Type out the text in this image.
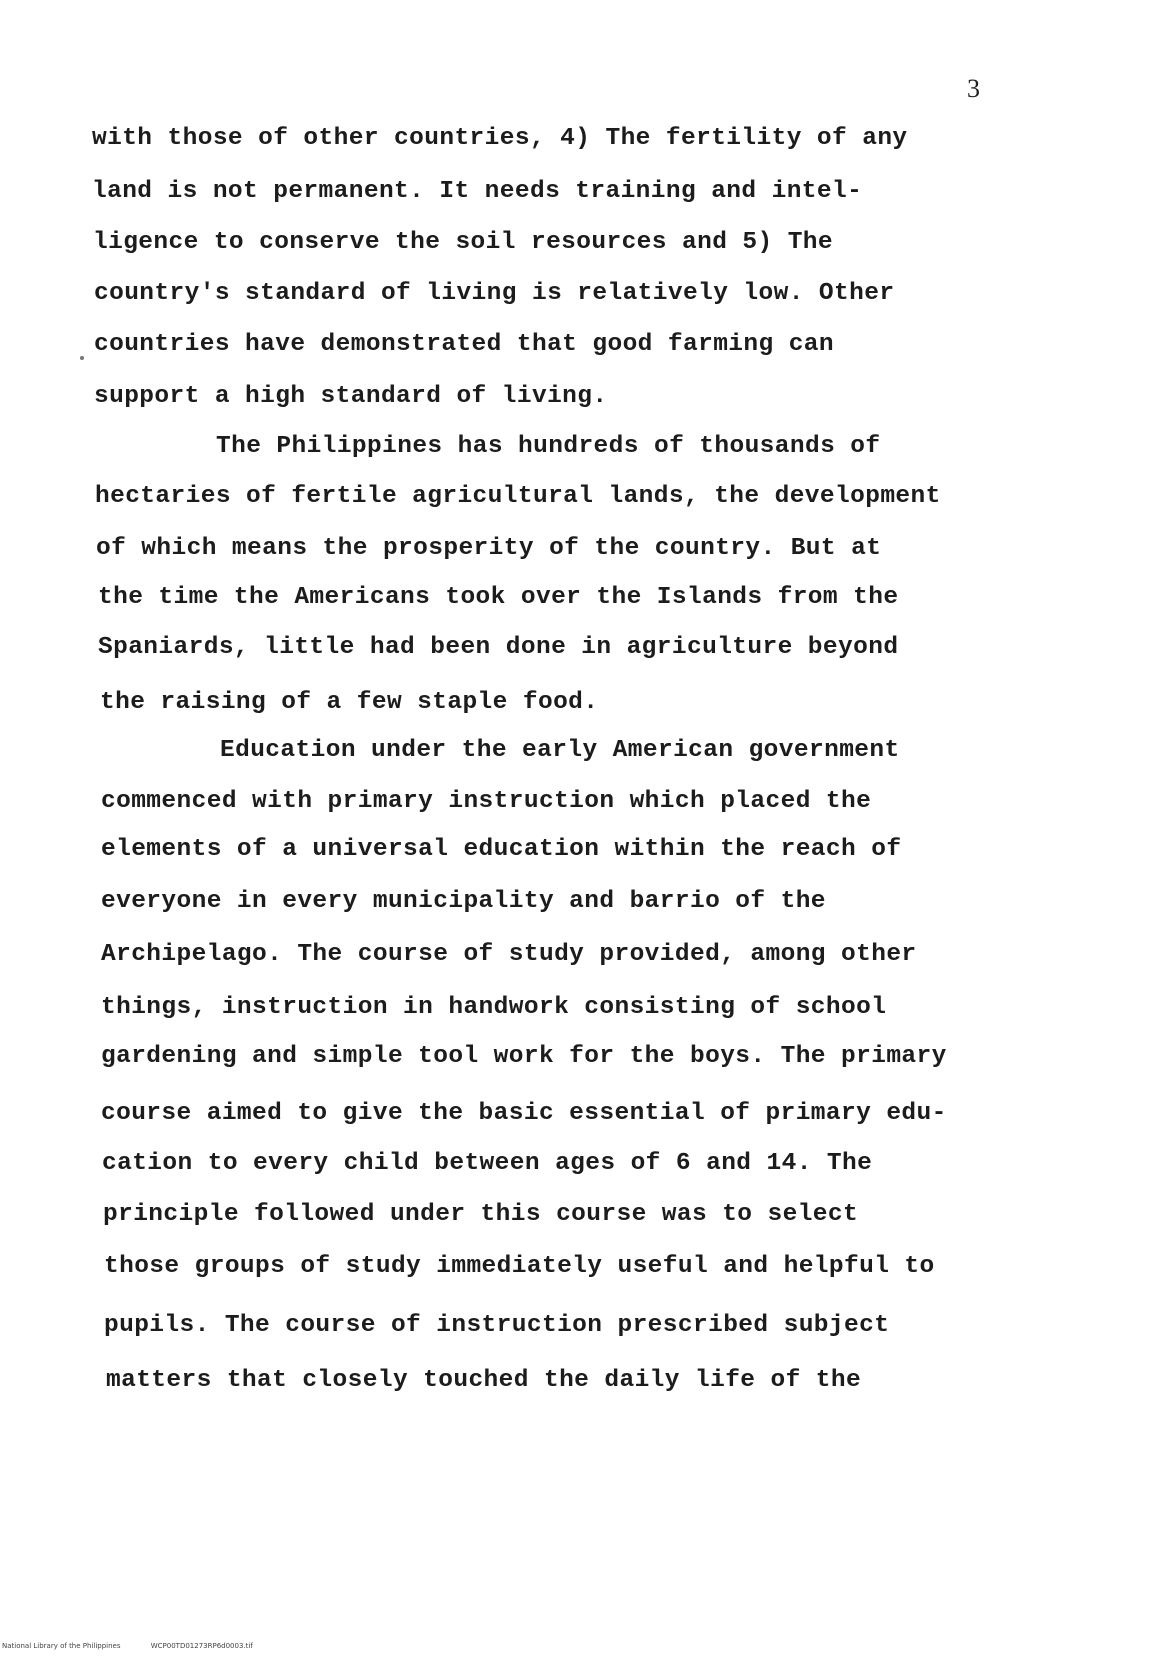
3
with those of other countries, 4) The fertility of any
land is not permanent. It needs training and intel-
ligence to conserve the soil resources and 5) The
country's standard of living is relatively low. Other
countries have demonstrated that good farming can
support a high standard of living.
The Philippines has hundreds of thousands of
hectaries of fertile agricultural lands, the development
of which means the prosperity of the country. But at
the time the Americans took over the Islands from the
Spaniards, little had been done in agriculture beyond
the raising of a few staple food.
Education under the early American government
commenced with primary instruction which placed the
elements of a universal education within the reach of
everyone in every municipality and barrio of the
Archipelago. The course of study provided, among other
things, instruction in handwork consisting of school
gardening and simple tool work for the boys. The primary
course aimed to give the basic essential of primary edu-
cation to every child between ages of 6 and 14. The
principle followed under this course was to select
those groups of study immediately useful and helpful to
pupils. The course of instruction prescribed subject
matters that closely touched the daily life of the
National Library of the Philippines	WCP00TD01273RP6d0003.tif
